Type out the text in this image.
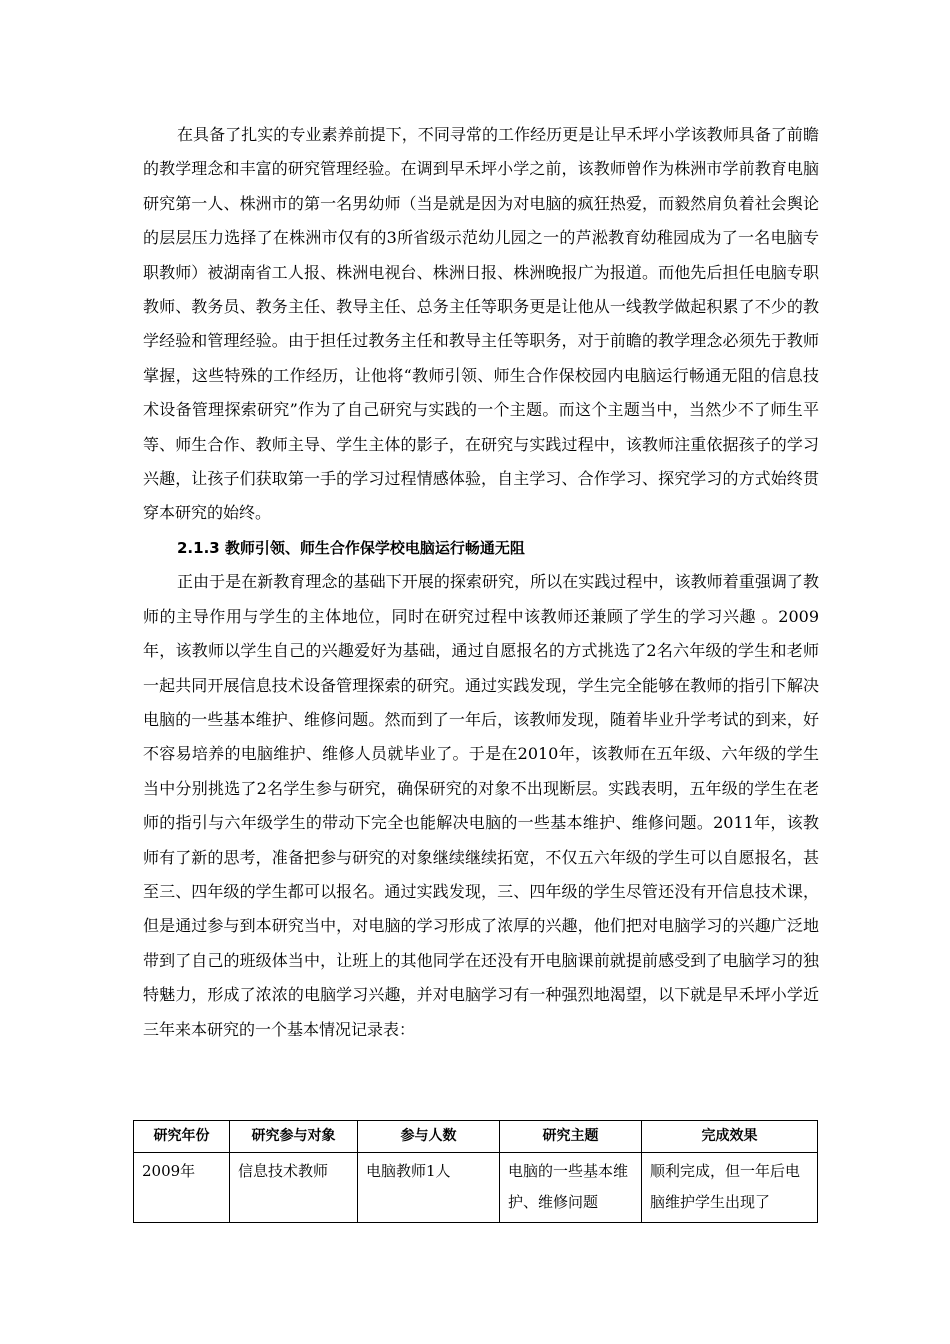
在具备了扎实的专业素养前提下，不同寻常的工作经历更是让早禾坪小学该教师具备了前瞻的教学理念和丰富的研究管理经验。在调到早禾坪小学之前，该教师曾作为株洲市学前教育电脑研究第一人、株洲市的第一名男幼师（当是就是因为对电脑的疯狂热爱，而毅然肩负着社会舆论的层层压力选择了在株洲市仅有的3所省级示范幼儿园之一的芦淞教育幼稚园成为了一名电脑专职教师）被湖南省工人报、株洲电视台、株洲日报、株洲晚报广为报道。而他先后担任电脑专职教师、教务员、教务主任、教导主任、总务主任等职务更是让他从一线教学做起积累了不少的教学经验和管理经验。由于担任过教务主任和教导主任等职务，对于前瞻的教学理念必须先于教师掌握，这些特殊的工作经历，让他将“教师引领、师生合作保校园内电脑运行畅通无阻的信息技术设备管理探索研究”作为了自己研究与实践的一个主题。而这个主题当中，当然少不了师生平等、师生合作、教师主导、学生主体的影子，在研究与实践过程中，该教师注重依据孩子的学习兴趣，让孩子们获取第一手的学习过程情感体验，自主学习、合作学习、探究学习的方式始终贯穿本研究的始终。

2.1.3 教师引领、师生合作保学校电脑运行畅通无阻

正由于是在新教育理念的基础下开展的探索研究，所以在实践过程中，该教师着重强调了教师的主导作用与学生的主体地位，同时在研究过程中该教师还兼顾了学生的学习兴趣 。2009年，该教师以学生自己的兴趣爱好为基础，通过自愿报名的方式挑选了2名六年级的学生和老师一起共同开展信息技术设备管理探索的研究。通过实践发现，学生完全能够在教师的指引下解决电脑的一些基本维护、维修问题。然而到了一年后，该教师发现，随着毕业升学考试的到来，好不容易培养的电脑维护、维修人员就毕业了。于是在2010年，该教师在五年级、六年级的学生当中分别挑选了2名学生参与研究，确保研究的对象不出现断层。实践表明，五年级的学生在老师的指引与六年级学生的带动下完全也能解决电脑的一些基本维护、维修问题。2011年，该教师有了新的思考，准备把参与研究的对象继续继续拓宽，不仅五六年级的学生可以自愿报名，甚至三、四年级的学生都可以报名。通过实践发现，三、四年级的学生尽管还没有开信息技术课，但是通过参与到本研究当中，对电脑的学习形成了浓厚的兴趣，他们把对电脑学习的兴趣广泛地带到了自己的班级体当中，让班上的其他同学在还没有开电脑课前就提前感受到了电脑学习的独特魅力，形成了浓浓的电脑学习兴趣，并对电脑学习有一种强烈地渴望，以下就是早禾坪小学近三年来本研究的一个基本情况记录表：

研究年份	研究参与对象	参与人数	研究主题	完成效果
2009年	信息技术教师	电脑教师1人	电脑的一些基本维护、维修问题	顺利完成，但一年后电脑维护学生出现了
